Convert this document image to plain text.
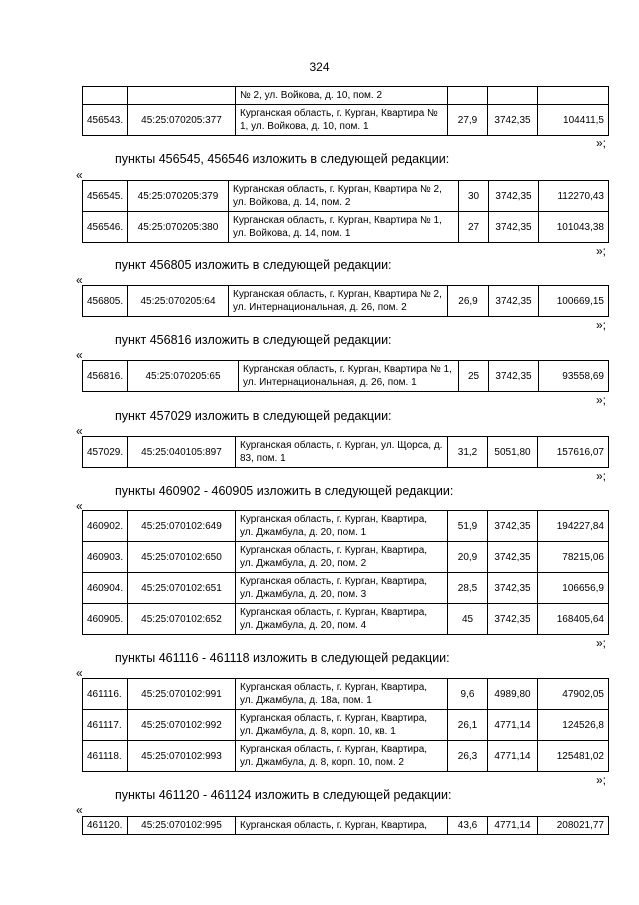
324
		№ 2, ул. Войкова, д. 10, пом. 2			
456543.	45:25:070205:377	Курганская область, г. Курган, Квартира № 1, ул. Войкова, д. 10, пом. 1	27,9	3742,35	104411,5
»;
пункты 456545, 456546 изложить в следующей редакции:
«
456545.	45:25:070205:379	Курганская область, г. Курган, Квартира № 2, ул. Войкова, д. 14, пом. 2	30	3742,35	112270,43
456546.	45:25:070205:380	Курганская область, г. Курган, Квартира № 1, ул. Войкова, д. 14, пом. 1	27	3742,35	101043,38
»;
пункт 456805 изложить в следующей редакции:
«
456805.	45:25:070205:64	Курганская область, г. Курган, Квартира № 2, ул. Интернациональная, д. 26, пом. 2	26,9	3742,35	100669,15
»;
пункт 456816 изложить в следующей редакции:
«
456816.	45:25:070205:65	Курганская область, г. Курган, Квартира № 1, ул. Интернациональная, д. 26, пом. 1	25	3742,35	93558,69
»;
пункт 457029 изложить в следующей редакции:
«
457029.	45:25:040105:897	Курганская область, г. Курган, ул. Щорса, д. 83, пом. 1	31,2	5051,80	157616,07
»;
пункты 460902 - 460905 изложить в следующей редакции:
«
460902.	45:25:070102:649	Курганская область, г. Курган, Квартира, ул. Джамбула, д. 20, пом. 1	51,9	3742,35	194227,84
460903.	45:25:070102:650	Курганская область, г. Курган, Квартира, ул. Джамбула, д. 20, пом. 2	20,9	3742,35	78215,06
460904.	45:25:070102:651	Курганская область, г. Курган, Квартира, ул. Джамбула, д. 20, пом. 3	28,5	3742,35	106656,9
460905.	45:25:070102:652	Курганская область, г. Курган, Квартира, ул. Джамбула, д. 20, пом. 4	45	3742,35	168405,64
»;
пункты 461116 - 461118 изложить в следующей редакции:
«
461116.	45:25:070102:991	Курганская область, г. Курган, Квартира, ул. Джамбула, д. 18а, пом. 1	9,6	4989,80	47902,05
461117.	45:25:070102:992	Курганская область, г. Курган, Квартира, ул. Джамбула, д. 8, корп. 10, кв. 1	26,1	4771,14	124526,8
461118.	45:25:070102:993	Курганская область, г. Курган, Квартира, ул. Джамбула, д. 8, корп. 10, пом. 2	26,3	4771,14	125481,02
»;
пункты 461120 - 461124 изложить в следующей редакции:
«
461120.	45:25:070102:995	Курганская область, г. Курган, Квартира,	43,6	4771,14	208021,77
